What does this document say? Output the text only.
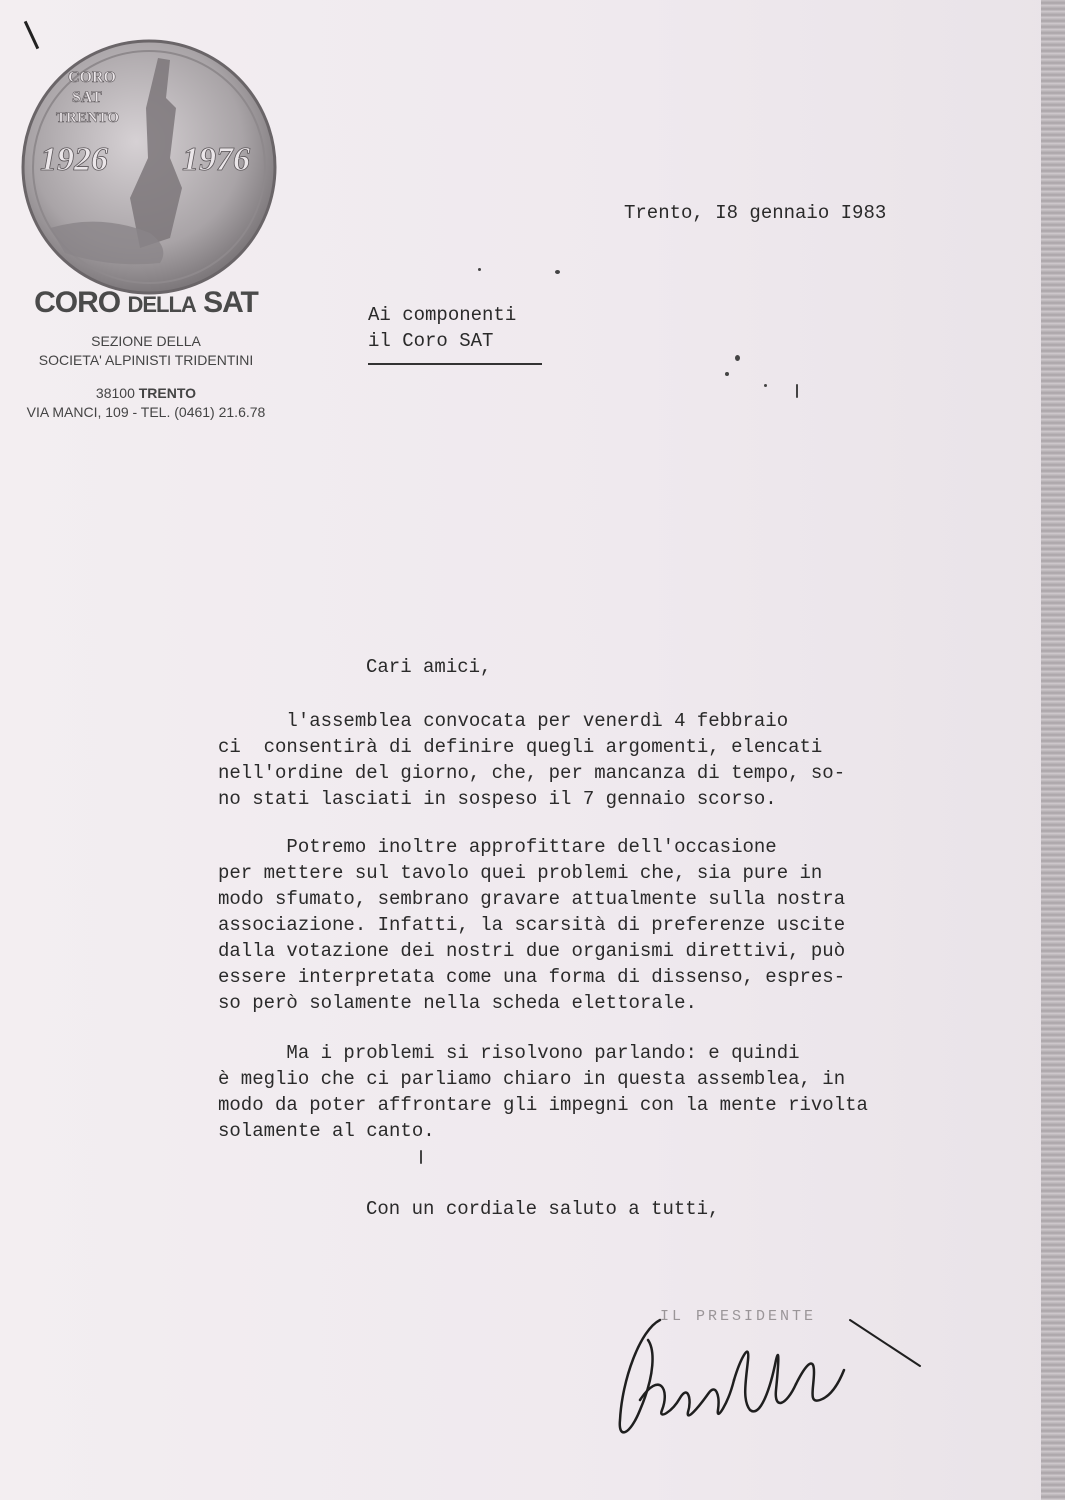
CORO
SAT
TRENTO
1926 1976
CORO DELLA SAT
SEZIONE DELLA
SOCIETA' ALPINISTI TRIDENTINI
38100 TRENTO
VIA MANCI, 109 - TEL. (0461) 21.6.78
Trento, I8 gennaio I983
Ai componenti
il Coro SAT
Cari amici,
l'assemblea convocata per venerdì 4 febbraio
ci  consentirà di definire quegli argomenti, elencati
nell'ordine del giorno, che, per mancanza di tempo, so-
no stati lasciati in sospeso il 7 gennaio scorso.
Potremo inoltre approfittare dell'occasione
per mettere sul tavolo quei problemi che, sia pure in
modo sfumato, sembrano gravare attualmente sulla nostra
associazione. Infatti, la scarsità di preferenze uscite
dalla votazione dei nostri due organismi direttivi, può
essere interpretata come una forma di dissenso, espres-
so però solamente nella scheda elettorale.
Ma i problemi si risolvono parlando: e quindi
è meglio che ci parliamo chiaro in questa assemblea, in
modo da poter affrontare gli impegni con la mente rivolta
solamente al canto.
Con un cordiale saluto a tutti,
IL PRESIDENTE
